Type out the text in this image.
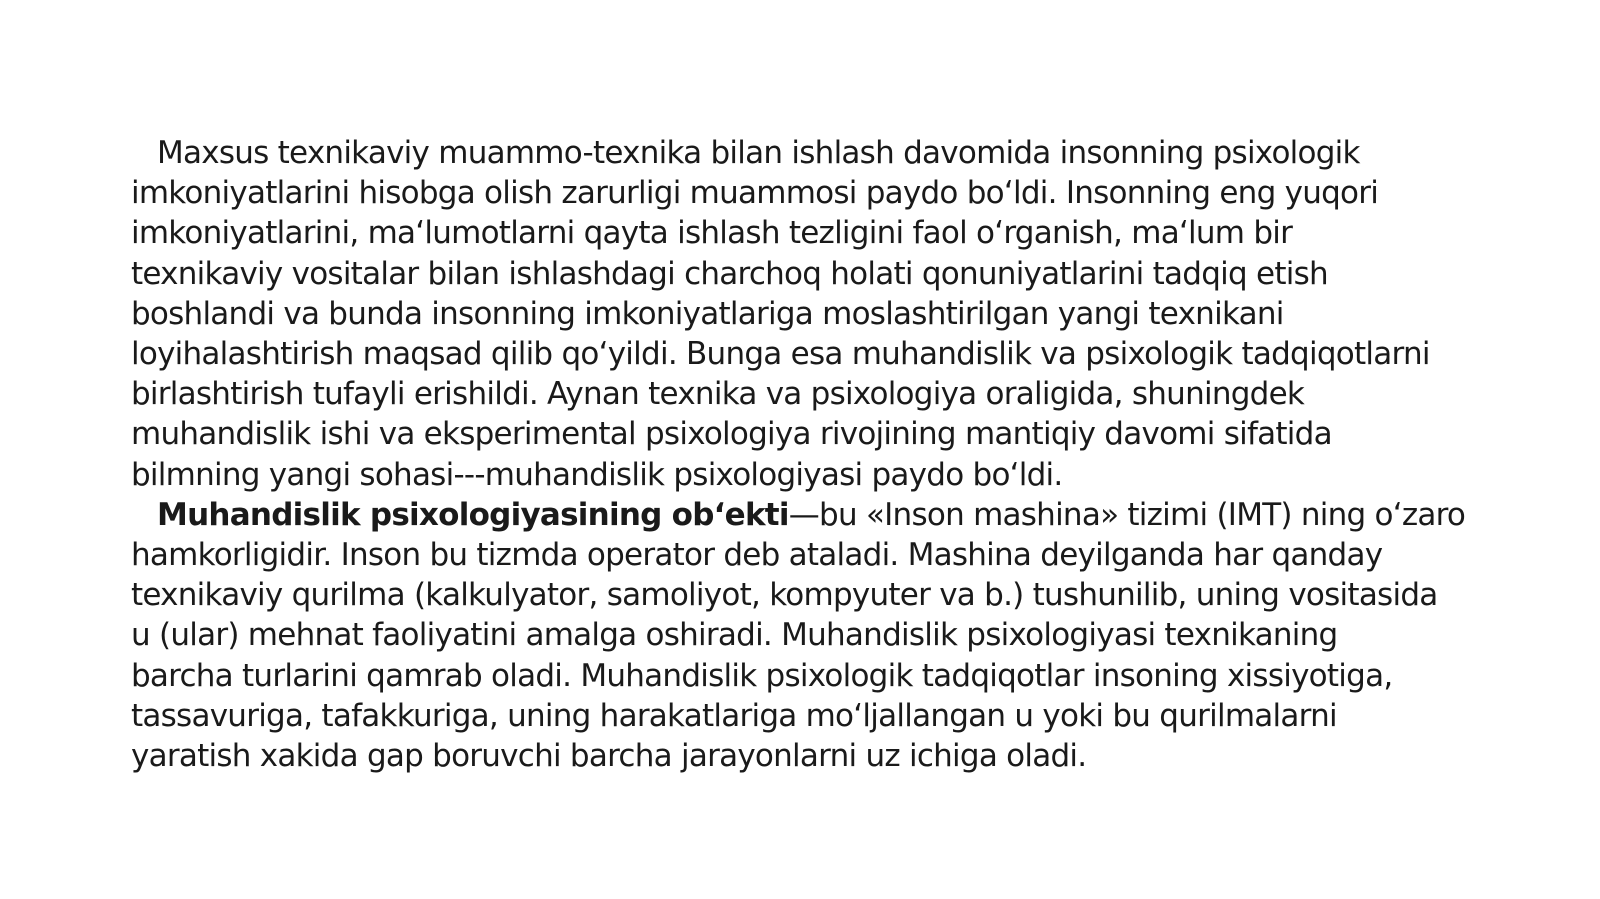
Maxsus texnikaviy muammo-texnika bilan ishlash davomida insonning psixologik
imkoniyatlarini hisobga olish zarurligi muammosi paydo boʻldi. Insonning eng yuqori
imkoniyatlarini, maʻlumotlarni qayta ishlash tezligini faol oʻrganish, maʻlum bir
texnikaviy vositalar bilan ishlashdagi charchoq holati qonuniyatlarini tadqiq etish
boshlandi va bunda insonning imkoniyatlariga moslashtirilgan yangi texnikani
loyihalashtirish maqsad qilib qoʻyildi. Bunga esa muhandislik va psixologik tadqiqotlarni
birlashtirish tufayli erishildi. Aynan texnika va psixologiya oraligida, shuningdek
muhandislik ishi va eksperimental psixologiya rivojining mantiqiy davomi sifatida
bilmning yangi sohasi---muhandislik psixologiyasi paydo boʻldi.

Muhandislik psixologiyasining obʻekti—bu «Inson mashina» tizimi (IMT) ning oʻzaro
hamkorligidir. Inson bu tizmda operator deb ataladi. Mashina deyilganda har qanday
texnikaviy qurilma (kalkulyator, samoliyot, kompyuter va b.) tushunilib, uning vositasida
u (ular) mehnat faoliyatini amalga oshiradi. Muhandislik psixologiyasi texnikaning
barcha turlarini qamrab oladi. Muhandislik psixologik tadqiqotlar insoning xissiyotiga,
tassavuriga, tafakkuriga, uning harakatlariga moʻljallangan u yoki bu qurilmalarni
yaratish xakida gap boruvchi barcha jarayonlarni uz ichiga oladi.
